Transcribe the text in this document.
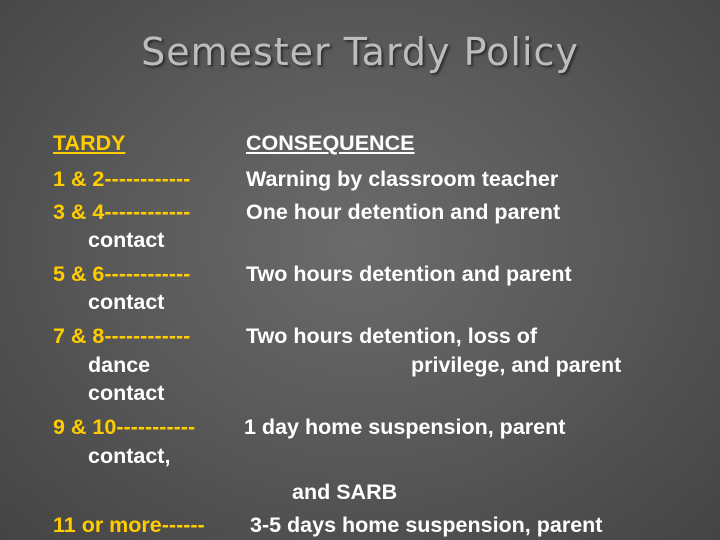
Semester Tardy Policy
TARDY	CONSEQUENCE
1 & 2------------	Warning by classroom teacher
3 & 4------------	One hour detention and parent
contact
5 & 6------------	Two hours detention and parent
contact
7 & 8------------	Two hours detention, loss of
dance	privilege, and parent
contact
9 & 10----------- 1 day home suspension, parent
contact,
and SARB
11 or more------ 3-5 days home suspension, parent
